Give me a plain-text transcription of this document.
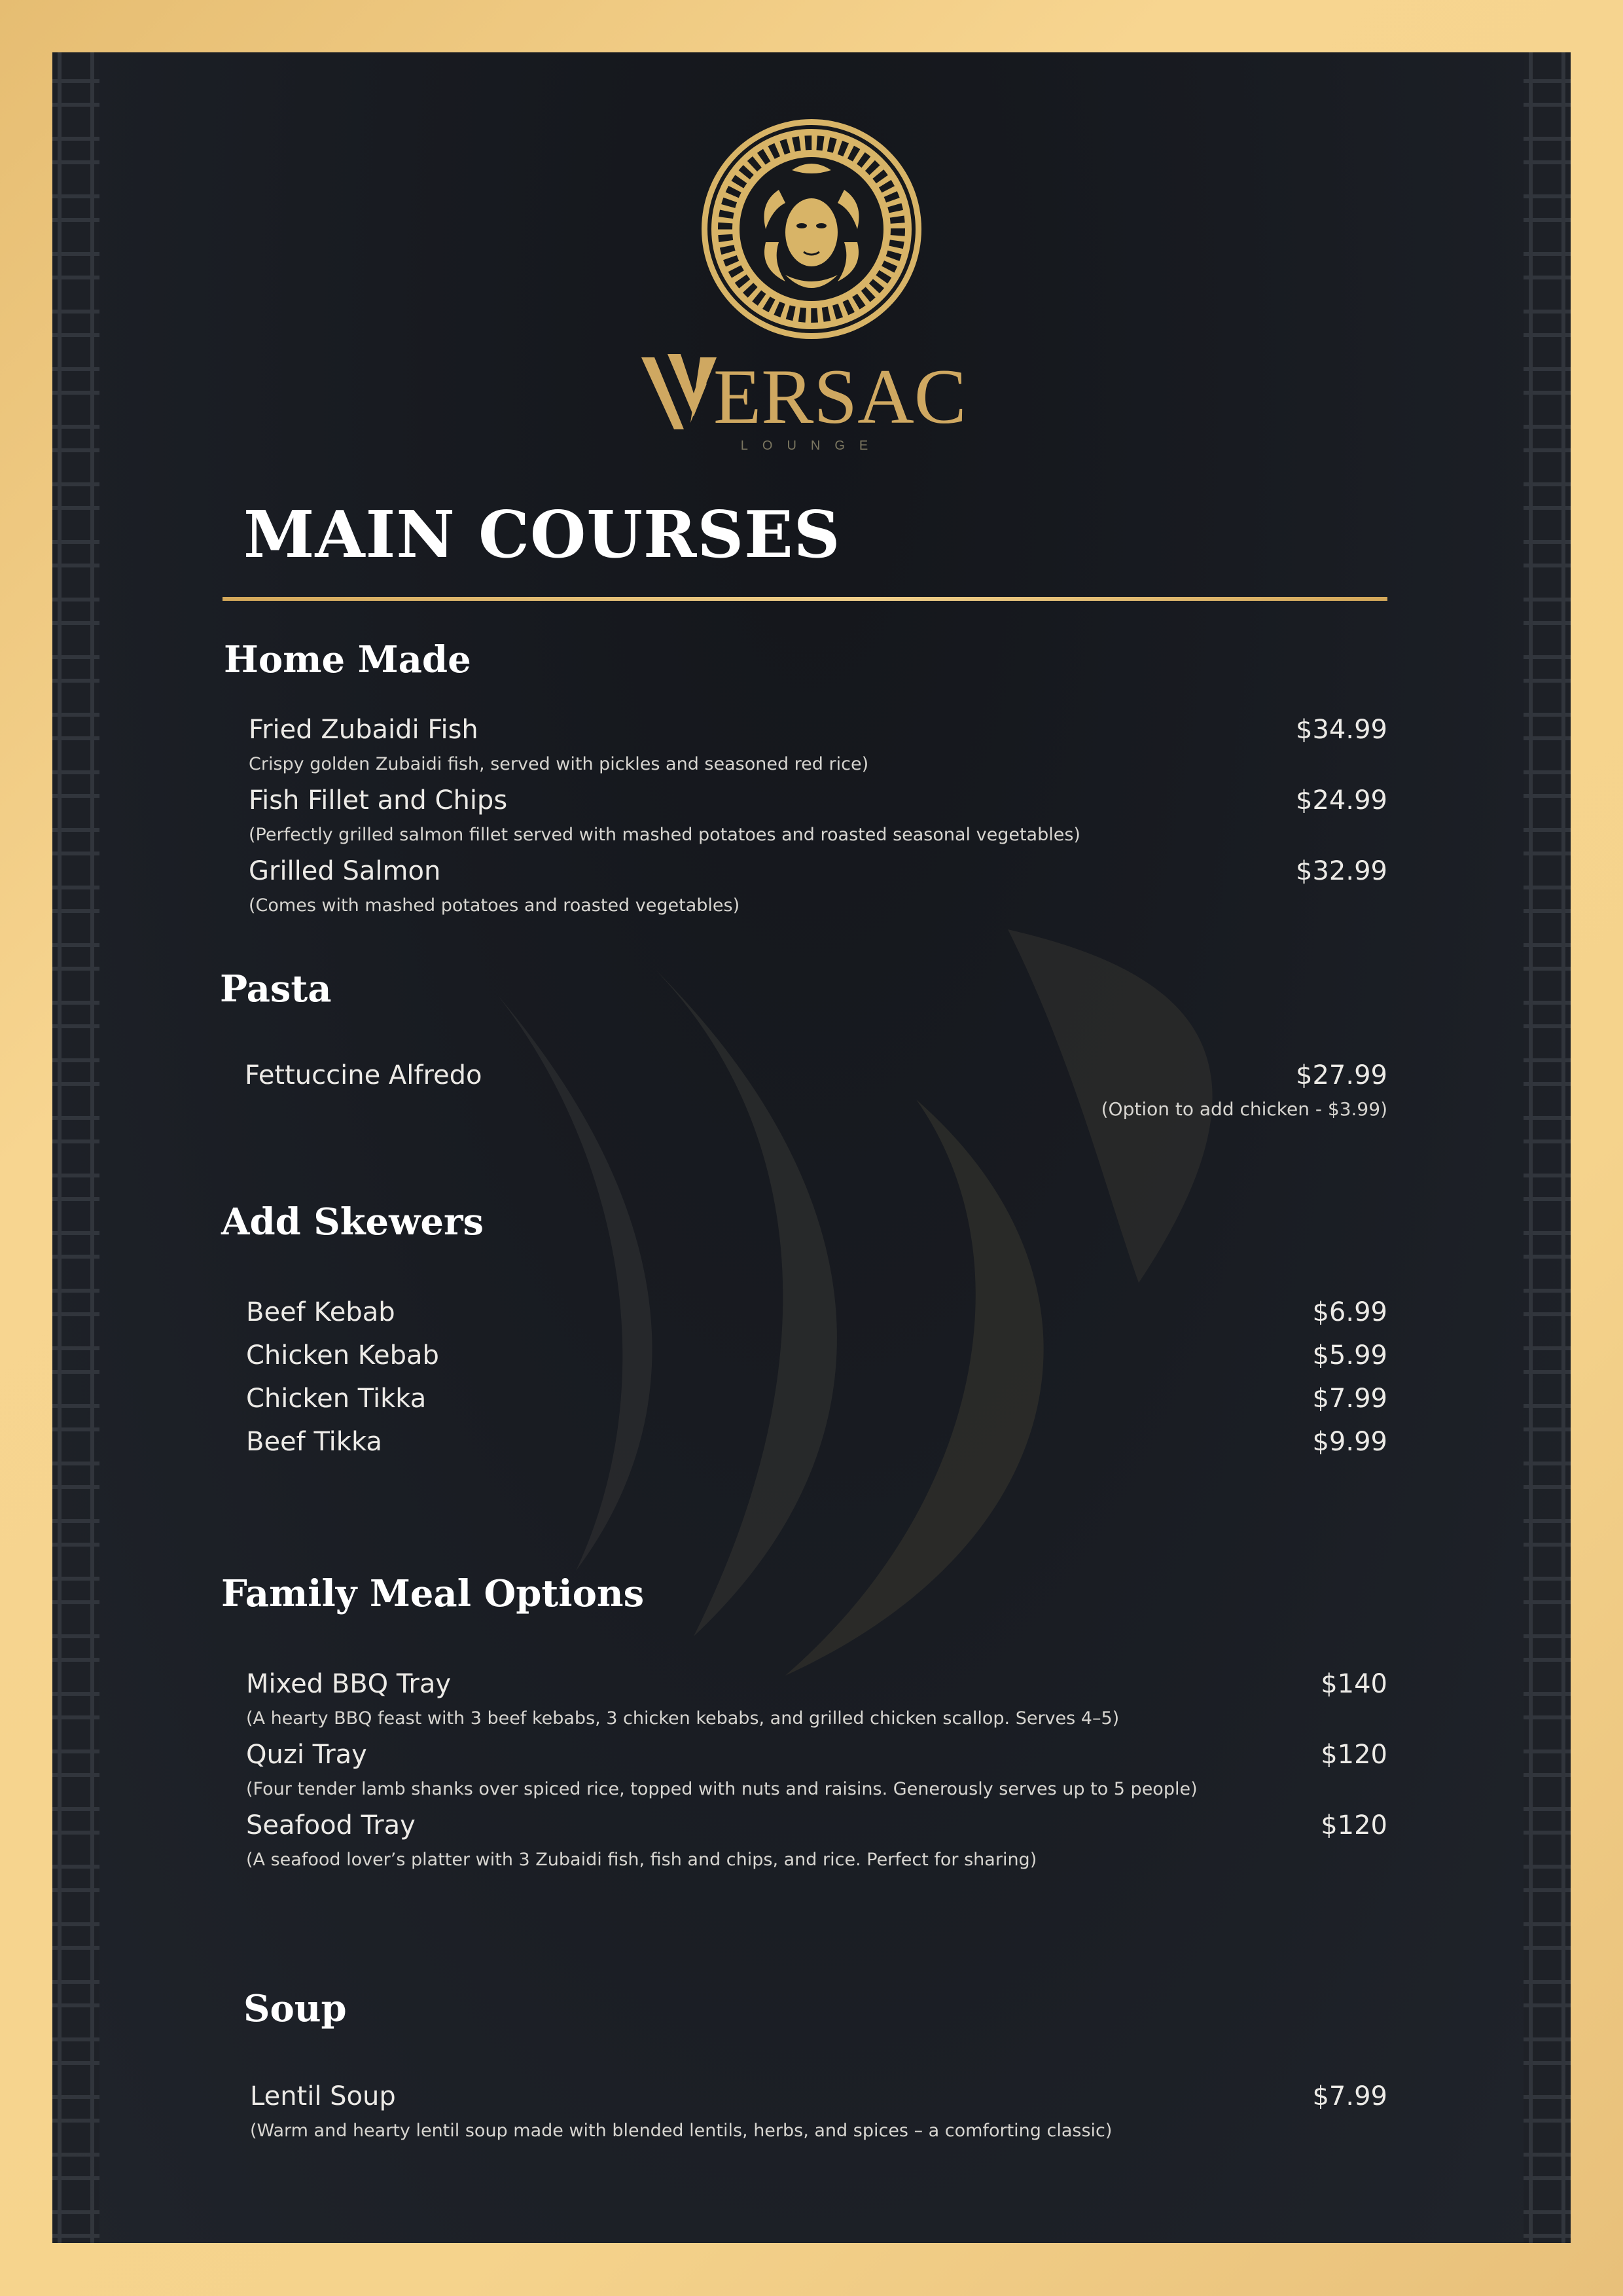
ERSAC
LOUNGE
MAIN COURSES
Home Made
Fried Zubaidi Fish	$34.99
Crispy golden Zubaidi fish, served with pickles and seasoned red rice)
Fish Fillet and Chips	$24.99
(Perfectly grilled salmon fillet served with mashed potatoes and roasted seasonal vegetables)
Grilled Salmon	$32.99
(Comes with mashed potatoes and roasted vegetables)
Pasta
Fettuccine Alfredo	$27.99
(Option to add chicken - $3.99)
Add Skewers
Beef Kebab	$6.99
Chicken Kebab	$5.99
Chicken Tikka	$7.99
Beef Tikka	$9.99
Family Meal Options
Mixed BBQ Tray	$140
(A hearty BBQ feast with 3 beef kebabs, 3 chicken kebabs, and grilled chicken scallop. Serves 4–5)
Quzi Tray	$120
(Four tender lamb shanks over spiced rice, topped with nuts and raisins. Generously serves up to 5 people)
Seafood Tray	$120
(A seafood lover’s platter with 3 Zubaidi fish, fish and chips, and rice. Perfect for sharing)
Soup
Lentil Soup	$7.99
(Warm and hearty lentil soup made with blended lentils, herbs, and spices – a comforting classic)
